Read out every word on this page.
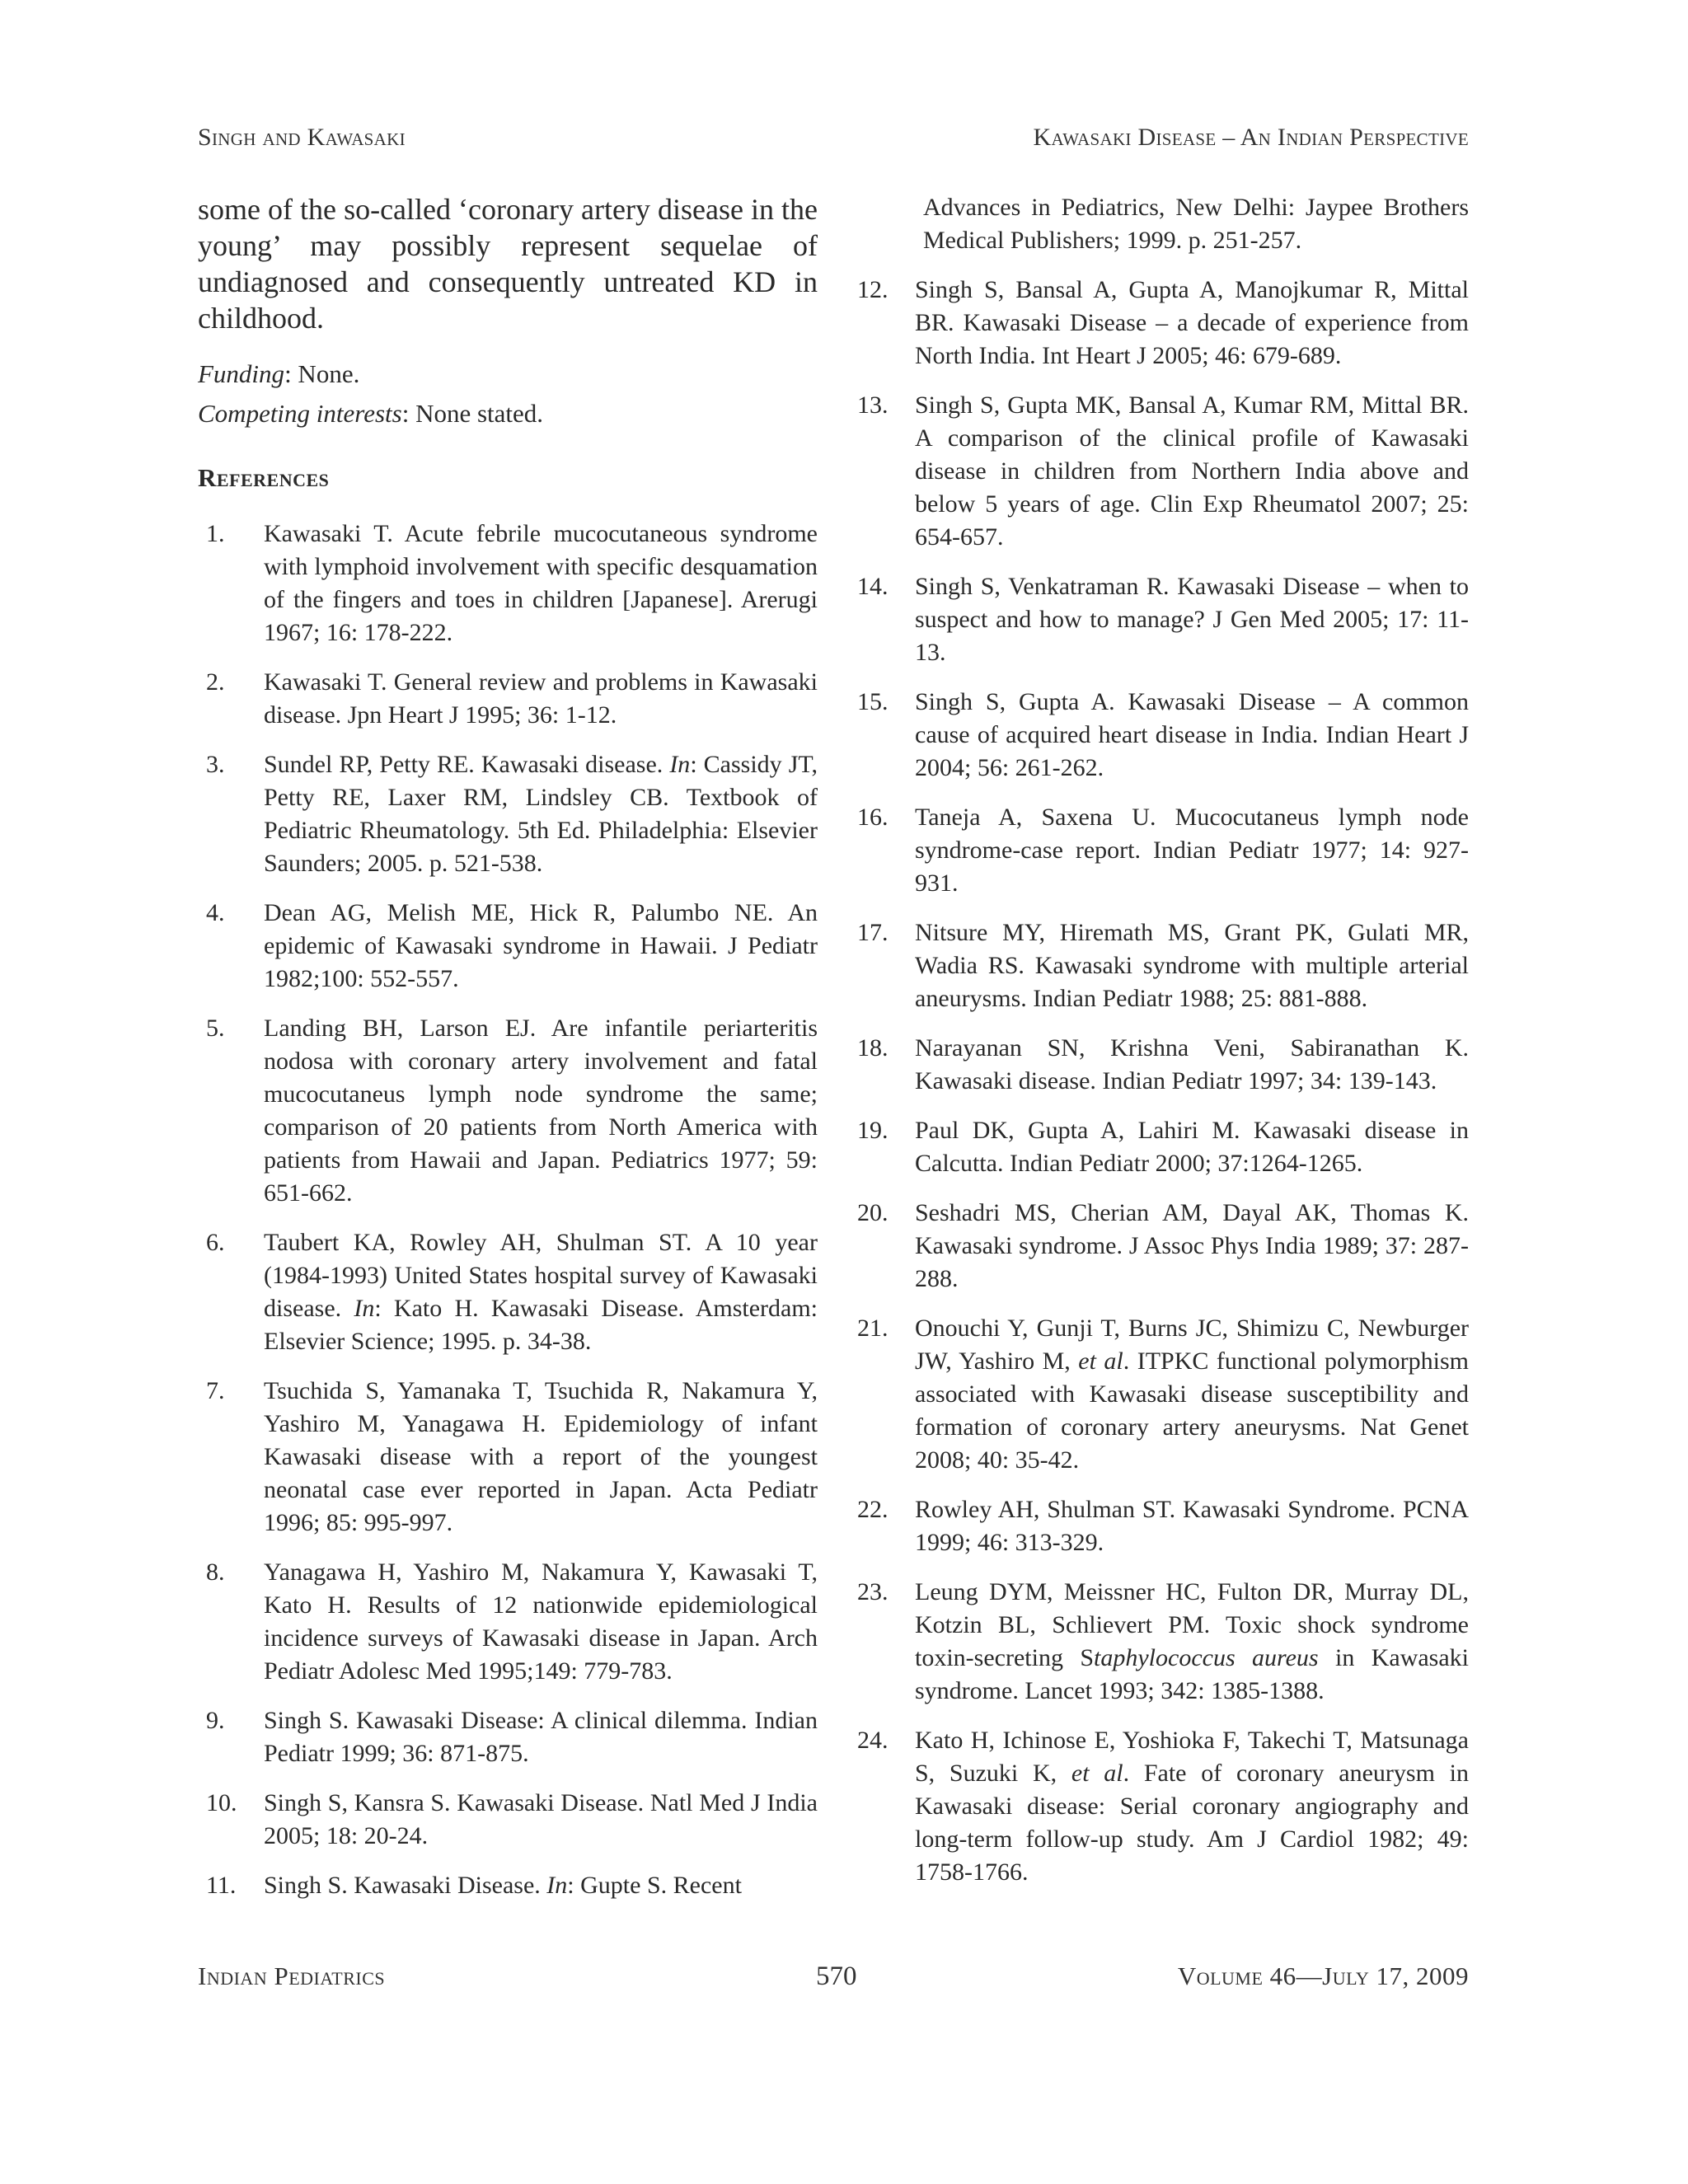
Singh and Kawasaki	Kawasaki Disease – An Indian Perspective

some of the so-called ‘coronary artery disease in the young’ may possibly represent sequelae of undiagnosed and consequently untreated KD in childhood.

Funding: None.

Competing interests: None stated.

References
1.	Kawasaki T. Acute febrile mucocutaneous syndrome with lymphoid involvement with specific desquamation of the fingers and toes in children [Japanese]. Arerugi 1967; 16: 178-222.
2.	Kawasaki T. General review and problems in Kawasaki disease. Jpn Heart J 1995; 36: 1-12.
3.	Sundel RP, Petty RE. Kawasaki disease. In: Cassidy JT, Petty RE, Laxer RM, Lindsley CB. Textbook of Pediatric Rheumatology. 5th Ed. Philadelphia: Elsevier Saunders; 2005. p. 521-538.
4.	Dean AG, Melish ME, Hick R, Palumbo NE. An epidemic of Kawasaki syndrome in Hawaii. J Pediatr 1982;100: 552-557.
5.	Landing BH, Larson EJ. Are infantile periarteritis nodosa with coronary artery involvement and fatal mucocutaneus lymph node syndrome the same; comparison of 20 patients from North America with patients from Hawaii and Japan. Pediatrics 1977; 59: 651-662.
6.	Taubert KA, Rowley AH, Shulman ST. A 10 year (1984-1993) United States hospital survey of Kawasaki disease. In: Kato H. Kawasaki Disease. Amsterdam: Elsevier Science; 1995. p. 34-38.
7.	Tsuchida S, Yamanaka T, Tsuchida R, Nakamura Y, Yashiro M, Yanagawa H. Epidemiology of infant Kawasaki disease with a report of the youngest neonatal case ever reported in Japan. Acta Pediatr 1996; 85: 995-997.
8.	Yanagawa H, Yashiro M, Nakamura Y, Kawasaki T, Kato H. Results of 12 nationwide epidemiological incidence surveys of Kawasaki disease in Japan. Arch Pediatr Adolesc Med 1995;149: 779-783.
9.	Singh S. Kawasaki Disease: A clinical dilemma. Indian Pediatr 1999; 36: 871-875.
10.	Singh S, Kansra S. Kawasaki Disease. Natl Med J India 2005; 18: 20-24.
11.	Singh S. Kawasaki Disease. In: Gupte S. Recent

Advances in Pediatrics, New Delhi: Jaypee Brothers Medical Publishers; 1999. p. 251-257.

12.	Singh S, Bansal A, Gupta A, Manojkumar R, Mittal BR. Kawasaki Disease – a decade of experience from North India. Int Heart J 2005; 46: 679-689.
13.	Singh S, Gupta MK, Bansal A, Kumar RM, Mittal BR. A comparison of the clinical profile of Kawasaki disease in children from Northern India above and below 5 years of age. Clin Exp Rheumatol 2007; 25: 654-657.
14.	Singh S, Venkatraman R. Kawasaki Disease – when to suspect and how to manage? J Gen Med 2005; 17: 11-13.
15.	Singh S, Gupta A. Kawasaki Disease – A common cause of acquired heart disease in India. Indian Heart J 2004; 56: 261-262.
16.	Taneja A, Saxena U. Mucocutaneus lymph node syndrome-case report. Indian Pediatr 1977; 14: 927-931.
17.	Nitsure MY, Hiremath MS, Grant PK, Gulati MR, Wadia RS. Kawasaki syndrome with multiple arterial aneurysms. Indian Pediatr 1988; 25: 881-888.
18.	Narayanan SN, Krishna Veni, Sabiranathan K. Kawasaki disease. Indian Pediatr 1997; 34: 139-143.
19.	Paul DK, Gupta A, Lahiri M. Kawasaki disease in Calcutta. Indian Pediatr 2000; 37:1264-1265.
20.	Seshadri MS, Cherian AM, Dayal AK, Thomas K. Kawasaki syndrome. J Assoc Phys India 1989; 37: 287-288.
21.	Onouchi Y, Gunji T, Burns JC, Shimizu C, Newburger JW, Yashiro M, et al. ITPKC functional polymorphism associated with Kawasaki disease susceptibility and formation of coronary artery aneurysms. Nat Genet 2008; 40: 35-42.
22.	Rowley AH, Shulman ST. Kawasaki Syndrome. PCNA 1999; 46: 313-329.
23.	Leung DYM, Meissner HC, Fulton DR, Murray DL, Kotzin BL, Schlievert PM. Toxic shock syndrome toxin-secreting Staphylococcus aureus in Kawasaki syndrome. Lancet 1993; 342: 1385-1388.
24.	Kato H, Ichinose E, Yoshioka F, Takechi T, Matsunaga S, Suzuki K, et al. Fate of coronary aneurysm in Kawasaki disease: Serial coronary angiography and long-term follow-up study. Am J Cardiol 1982; 49: 1758-1766.
Indian Pediatrics	570	Volume 46—July 17, 2009
